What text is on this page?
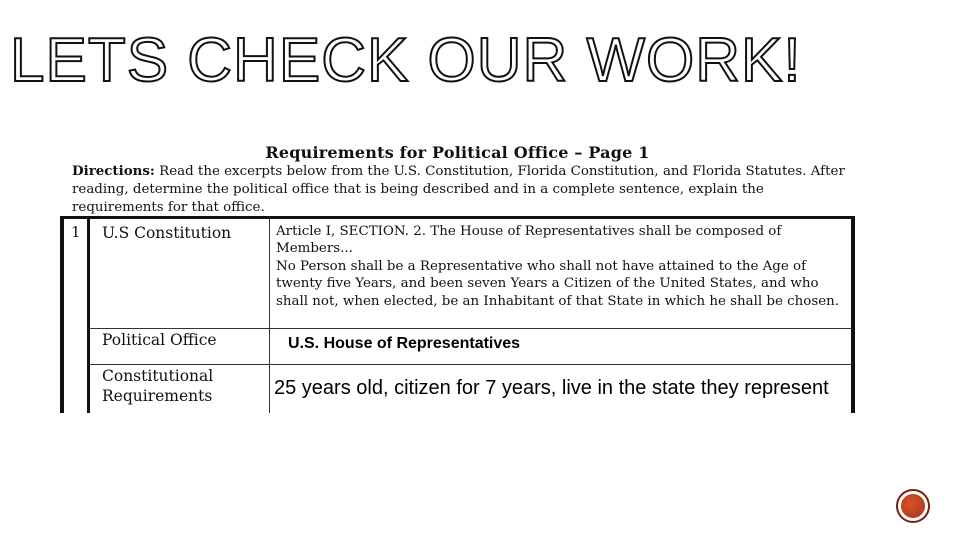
LETS CHECK OUR WORK!
Requirements for Political Office – Page 1
Directions: Read the excerpts below from the U.S. Constitution, Florida Constitution, and Florida Statutes. After reading, determine the political office that is being described and in a complete sentence, explain the requirements for that office.
1 U.S Constitution	Article I, SECTION. 2. The House of Representatives shall be composed of Members...
No Person shall be a Representative who shall not have attained to the Age of twenty five Years, and been seven Years a Citizen of the United States, and who shall not, when elected, be an Inhabitant of that State in which he shall be chosen.
Political Office
Constitutional
Requirements
U.S. House of Representatives
25 years old, citizen for 7 years, live in the state they represent
